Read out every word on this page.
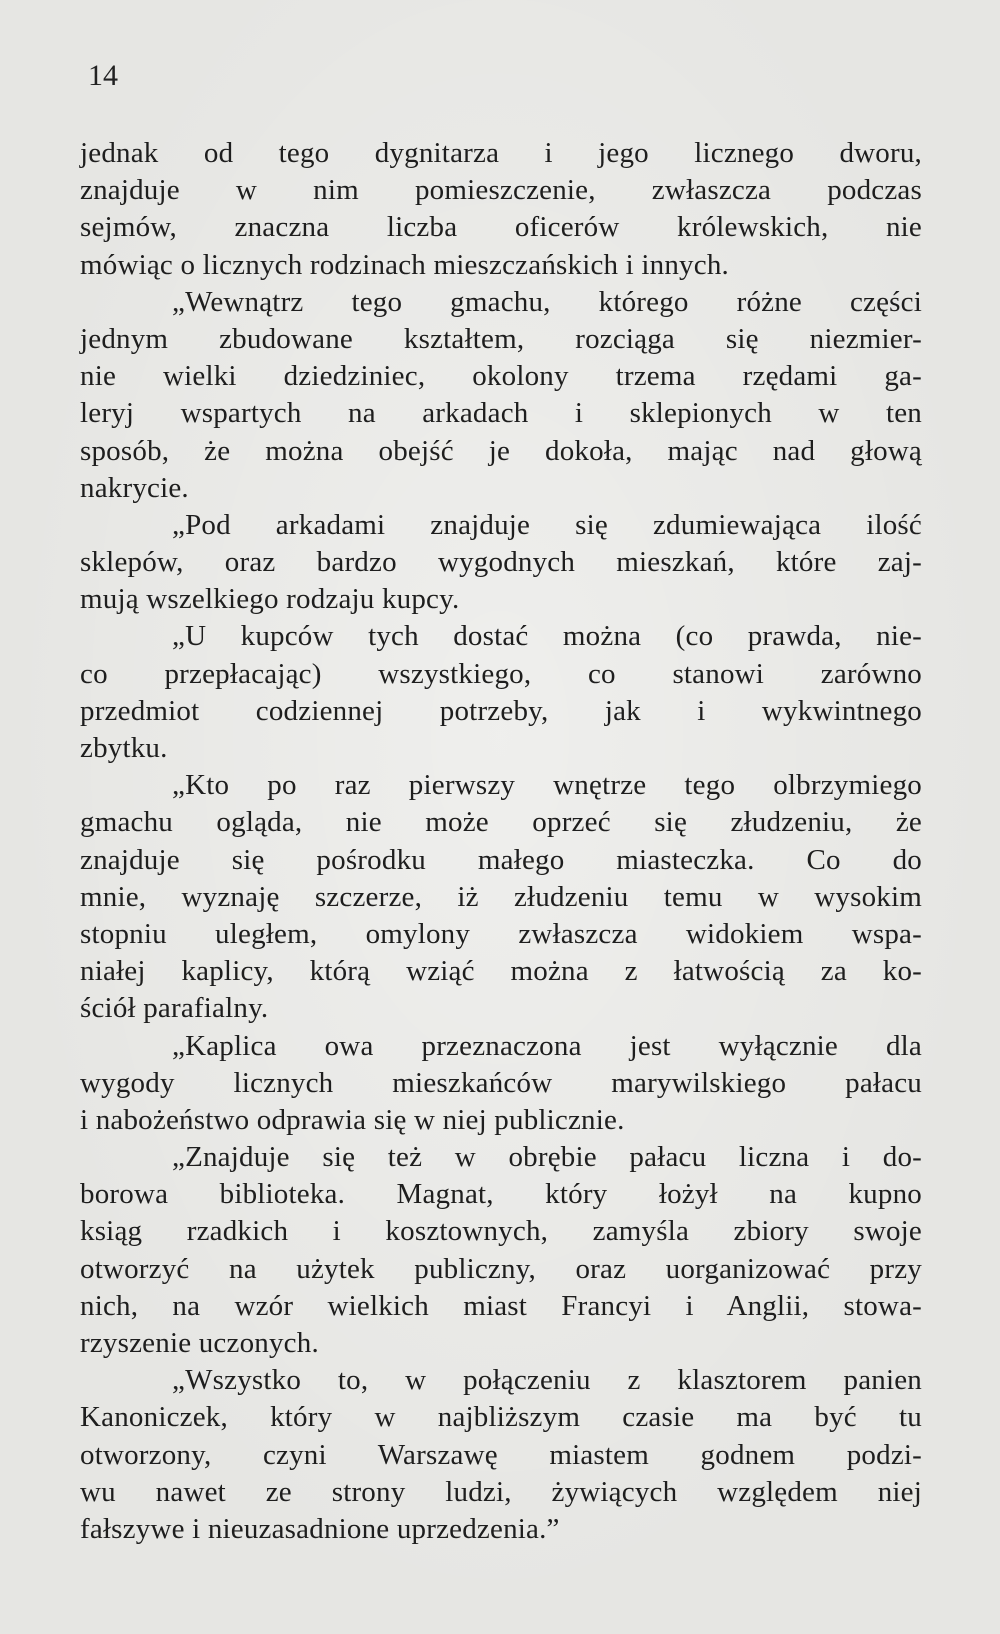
14
jednak od tego dygnitarza i jego licznego dworu,
znajduje w nim pomieszczenie, zwłaszcza podczas
sejmów, znaczna liczba oficerów królewskich, nie
mówiąc o licznych rodzinach mieszczańskich i innych.
„Wewnątrz tego gmachu, którego różne części
jednym zbudowane kształtem, rozciąga się niezmier-
nie wielki dziedziniec, okolony trzema rzędami ga-
leryj wspartych na arkadach i sklepionych w ten
sposób, że można obejść je dokoła, mając nad głową
nakrycie.
„Pod arkadami znajduje się zdumiewająca ilość
sklepów, oraz bardzo wygodnych mieszkań, które zaj-
mują wszelkiego rodzaju kupcy.
„U kupców tych dostać można (co prawda, nie-
co przepłacając) wszystkiego, co stanowi zarówno
przedmiot codziennej potrzeby, jak i wykwintnego
zbytku.
„Kto po raz pierwszy wnętrze tego olbrzymiego
gmachu ogląda, nie może oprzeć się złudzeniu, że
znajduje się pośrodku małego miasteczka. Co do
mnie, wyznaję szczerze, iż złudzeniu temu w wysokim
stopniu uległem, omylony zwłaszcza widokiem wspa-
niałej kaplicy, którą wziąć można z łatwością za ko-
ściół parafialny.
„Kaplica owa przeznaczona jest wyłącznie dla
wygody licznych mieszkańców marywilskiego pałacu
i nabożeństwo odprawia się w niej publicznie.
„Znajduje się też w obrębie pałacu liczna i do-
borowa biblioteka. Magnat, który łożył na kupno
ksiąg rzadkich i kosztownych, zamyśla zbiory swoje
otworzyć na użytek publiczny, oraz uorganizować przy
nich, na wzór wielkich miast Francyi i Anglii, stowa-
rzyszenie uczonych.
„Wszystko to, w połączeniu z klasztorem panien
Kanoniczek, który w najbliższym czasie ma być tu
otworzony, czyni Warszawę miastem godnem podzi-
wu nawet ze strony ludzi, żywiących względem niej
fałszywe i nieuzasadnione uprzedzenia.”
